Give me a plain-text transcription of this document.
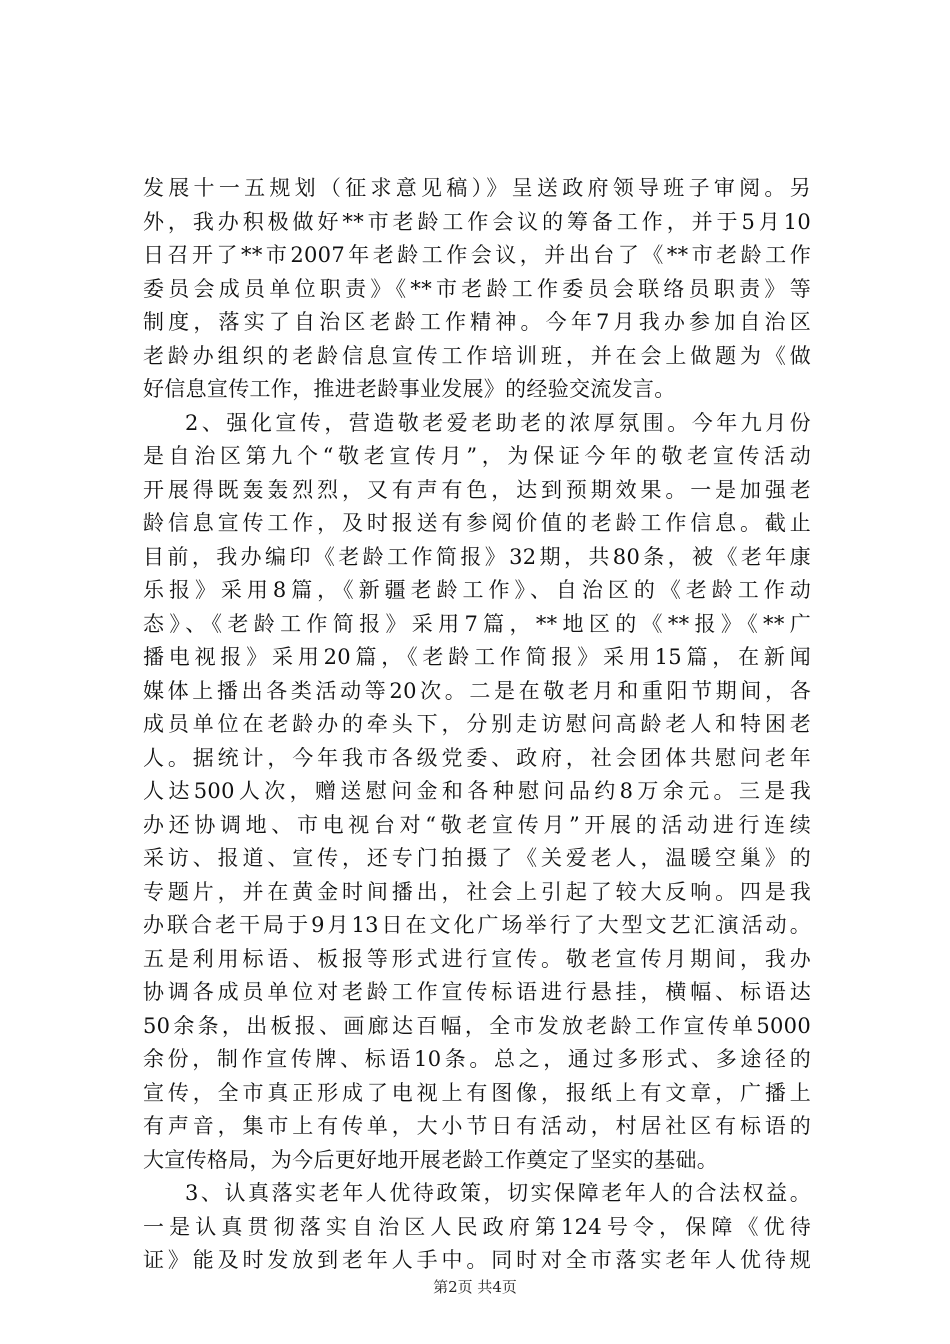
发展十一五规划（征求意见稿）》呈送政府领导班子审阅。另
外，我办积极做好**市老龄工作会议的筹备工作，并于5月10
日召开了**市2007年老龄工作会议，并出台了《**市老龄工作
委员会成员单位职责》《**市老龄工作委员会联络员职责》等
制度，落实了自治区老龄工作精神。今年7月我办参加自治区
老龄办组织的老龄信息宣传工作培训班，并在会上做题为《做
好信息宣传工作，推进老龄事业发展》的经验交流发言。
2、强化宣传，营造敬老爱老助老的浓厚氛围。今年九月份
是自治区第九个“敬老宣传月”，为保证今年的敬老宣传活动
开展得既轰轰烈烈，又有声有色，达到预期效果。一是加强老
龄信息宣传工作，及时报送有参阅价值的老龄工作信息。截止
目前，我办编印《老龄工作简报》32期，共80条，被《老年康
乐报》采用8篇，《新疆老龄工作》、自治区的《老龄工作动
态》、《老龄工作简报》采用7篇，**地区的《**报》《**广
播电视报》采用20篇，《老龄工作简报》采用15篇，在新闻
媒体上播出各类活动等20次。二是在敬老月和重阳节期间，各
成员单位在老龄办的牵头下，分别走访慰问高龄老人和特困老
人。据统计，今年我市各级党委、政府，社会团体共慰问老年
人达500人次，赠送慰问金和各种慰问品约8万余元。三是我
办还协调地、市电视台对“敬老宣传月”开展的活动进行连续
采访、报道、宣传，还专门拍摄了《关爱老人，温暖空巢》的
专题片，并在黄金时间播出，社会上引起了较大反响。四是我
办联合老干局于9月13日在文化广场举行了大型文艺汇演活动。
五是利用标语、板报等形式进行宣传。敬老宣传月期间，我办
协调各成员单位对老龄工作宣传标语进行悬挂，横幅、标语达
50余条，出板报、画廊达百幅，全市发放老龄工作宣传单5000
余份，制作宣传牌、标语10条。总之，通过多形式、多途径的
宣传，全市真正形成了电视上有图像，报纸上有文章，广播上
有声音，集市上有传单，大小节日有活动，村居社区有标语的
大宣传格局，为今后更好地开展老龄工作奠定了坚实的基础。
3、认真落实老年人优待政策，切实保障老年人的合法权益。
一是认真贯彻落实自治区人民政府第124号令，保障《优待
证》能及时发放到老年人手中。同时对全市落实老年人优待规
第2页 共4页
